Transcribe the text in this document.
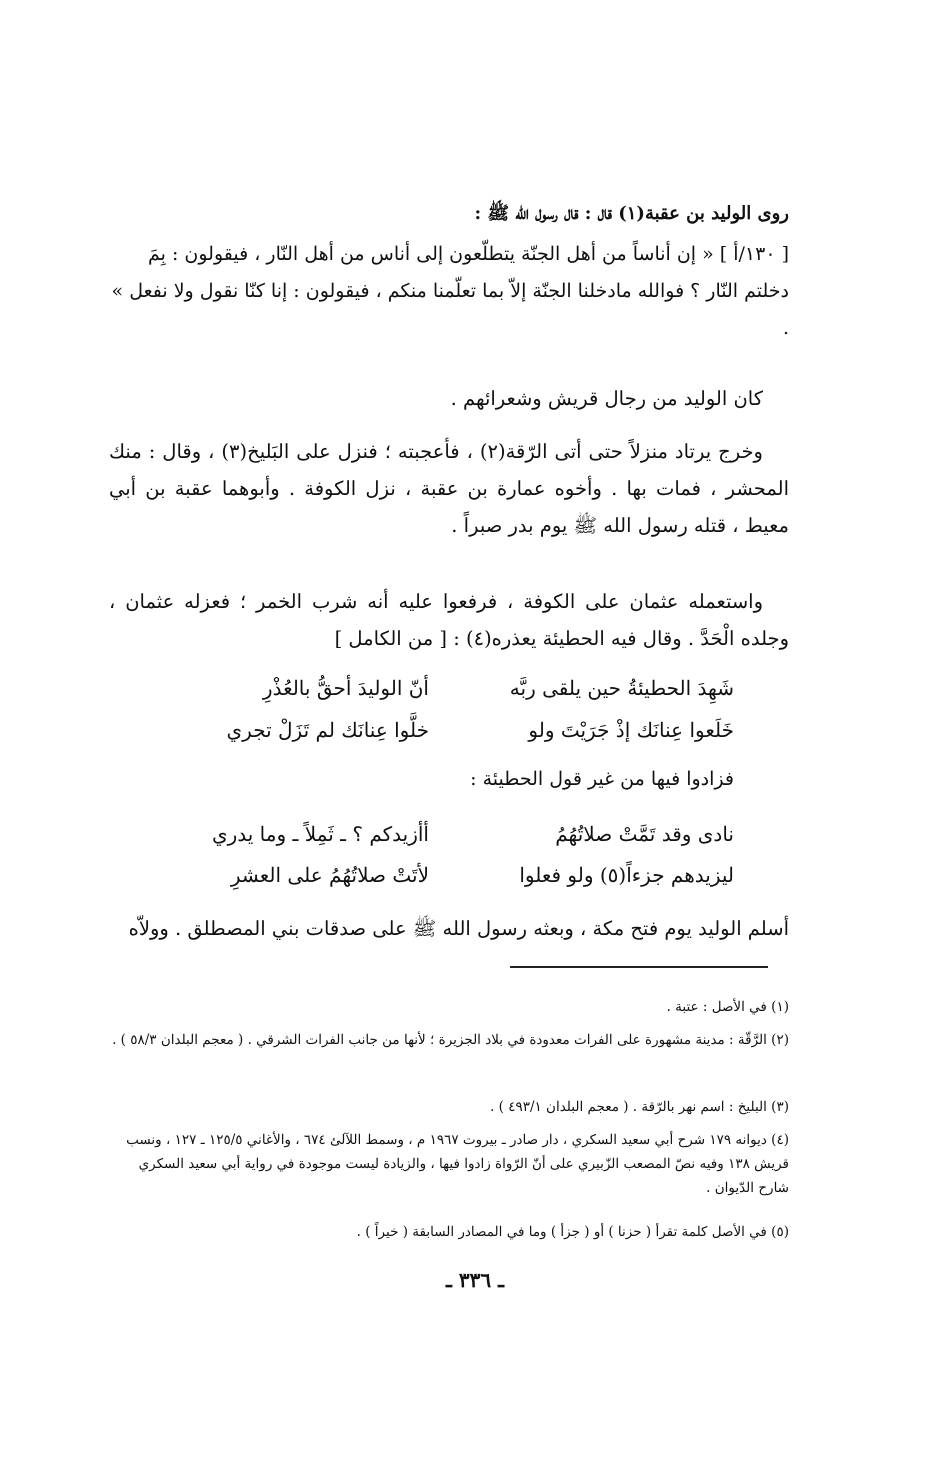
روى الوليد بن عقبة(١) قال : قال رسول الله ﷺ :
[ ١٣٠/أ ] « إن أناساً من أهل الجنّة يتطلّعون إلى أناس من أهل النّار ، فيقولون : بِمَ دخلتم النّار ؟ فوالله مادخلنا الجنّة إلاّ بما تعلّمنا منكم ، فيقولون : إنا كنّا نقول ولا نفعل » .
كان الوليد من رجال قريش وشعرائهم .
وخرج يرتاد منزلاً حتى أتى الرّقة(٢) ، فأعجبته ؛ فنزل على البَليخ(٣) ، وقال : منك المحشر ، فمات بها . وأخوه عمارة بن عقبة ، نزل الكوفة . وأبوهما عقبة بن أبي معيط ، قتله رسول الله ﷺ يوم بدر صبراً .
واستعمله عثمان على الكوفة ، فرفعوا عليه أنه شرب الخمر ؛ فعزله عثمان ، وجلده الْحَدَّ . وقال فيه الحطيئة يعذره(٤) : [ من الكامل ]
شَهِدَ الحطيئةُ حين يلقى ربَّه
أنّ الوليدَ أحقُّ بالعُذْرِ
خَلَعوا عِنانَك إذْ جَرَيْتَ ولو
خلَّوا عِنانَك لم تَزَلْ تجري
فزادوا فيها من غير قول الحطيئة :
نادى وقد تَمَّتْ صلاتُهُمُ
أأزيدكم ؟ ـ ثَمِلاً ـ وما يدري
ليزيدهم جزءاً(٥) ولو فعلوا
لأتَتْ صلاتُهُمُ على العشرِ
أسلم الوليد يوم فتح مكة ، وبعثه رسول الله ﷺ على صدقات بني المصطلق . وولاّه
(١) في الأصل : عتبة .
(٢) الرَّقّة : مدينة مشهورة على الفرات معدودة في بلاد الجزيرة ؛ لأنها من جانب الفرات الشرقي . ( معجم البلدان ٥٨/٣ ) .
(٣) البليخ : اسم نهر بالرّقة . ( معجم البلدان ٤٩٣/١ ) .
(٤) ديوانه ١٧٩ شرح أبي سعيد السكري ، دار صادر ـ بيروت ١٩٦٧ م ، وسمط اللآلئ ٦٧٤ ، والأغاني ١٢٥/٥ ـ ١٢٧ ، ونسب قريش ١٣٨ وفيه نصّ المصعب الزّبيري على أنّ الرّواة زادوا فيها ، والزيادة ليست موجودة في رواية أبي سعيد السكري شارح الدّيوان .
(٥) في الأصل كلمة تقرأ ( حزنا ) أو ( جزأ ) وما في المصادر السابقة ( خيراً ) .
ـ ٣٣٦ ـ
